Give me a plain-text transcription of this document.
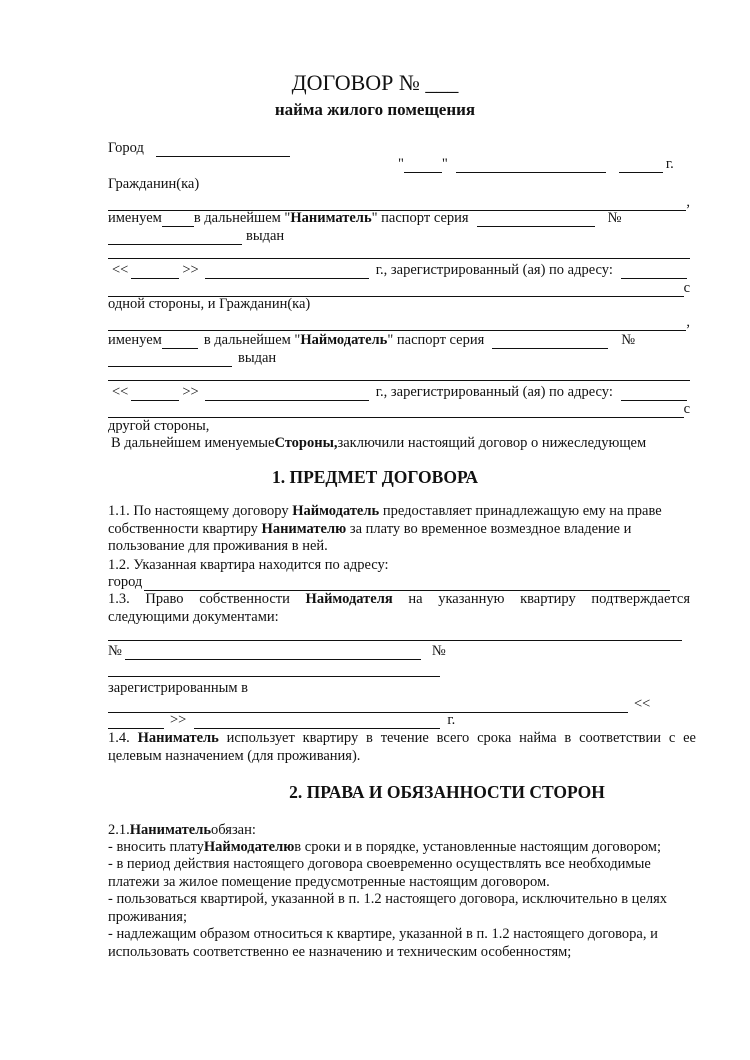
ДОГОВОР № ___
найма жилого помещения
Город
"	"	г.
Гражданин(ка)
,
именуем в дальнейшем " Наниматель " паспорт серия	№
выдан
<<	>>	г., зарегистрированный (ая) по адресу:
с
одной стороны, и Гражданин(ка)
,
именуем	в дальнейшем " Наймодатель " паспорт серия	№
выдан
<<	>>	г., зарегистрированный (ая) по адресу:
с
другой стороны,
В дальнейшем именуемые Стороны, заключили настоящий договор о нижеследующем
1. ПРЕДМЕТ ДОГОВОРА
1.1. По настоящему договору Наймодатель предоставляет принадлежащую ему на праве собственности квартиру Нанимателю за плату во временное возмездное владение и пользование для проживания в ней.
1.2. Указанная квартира находится по адресу:
город
1.3. Право собственности Наймодателя на указанную квартиру подтверждается следующими документами:
№	№
зарегистрированным в
<<
>>	г.
1.4. Наниматель использует квартиру в течение всего срока найма в соответствии с ее целевым назначением (для проживания).
2. ПРАВА И ОБЯЗАННОСТИ СТОРОН
2.1. Наниматель обязан:
- вносить плату Наймодателю в сроки и в порядке, установленные настоящим договором;
- в период действия настоящего договора своевременно осуществлять все необходимые платежи за жилое помещение предусмотренные настоящим договором.
- пользоваться квартирой, указанной в п. 1.2 настоящего договора, исключительно в целях проживания;
- надлежащим образом относиться к квартире, указанной в п. 1.2 настоящего договора, и использовать соответственно ее назначению и техническим особенностям;
